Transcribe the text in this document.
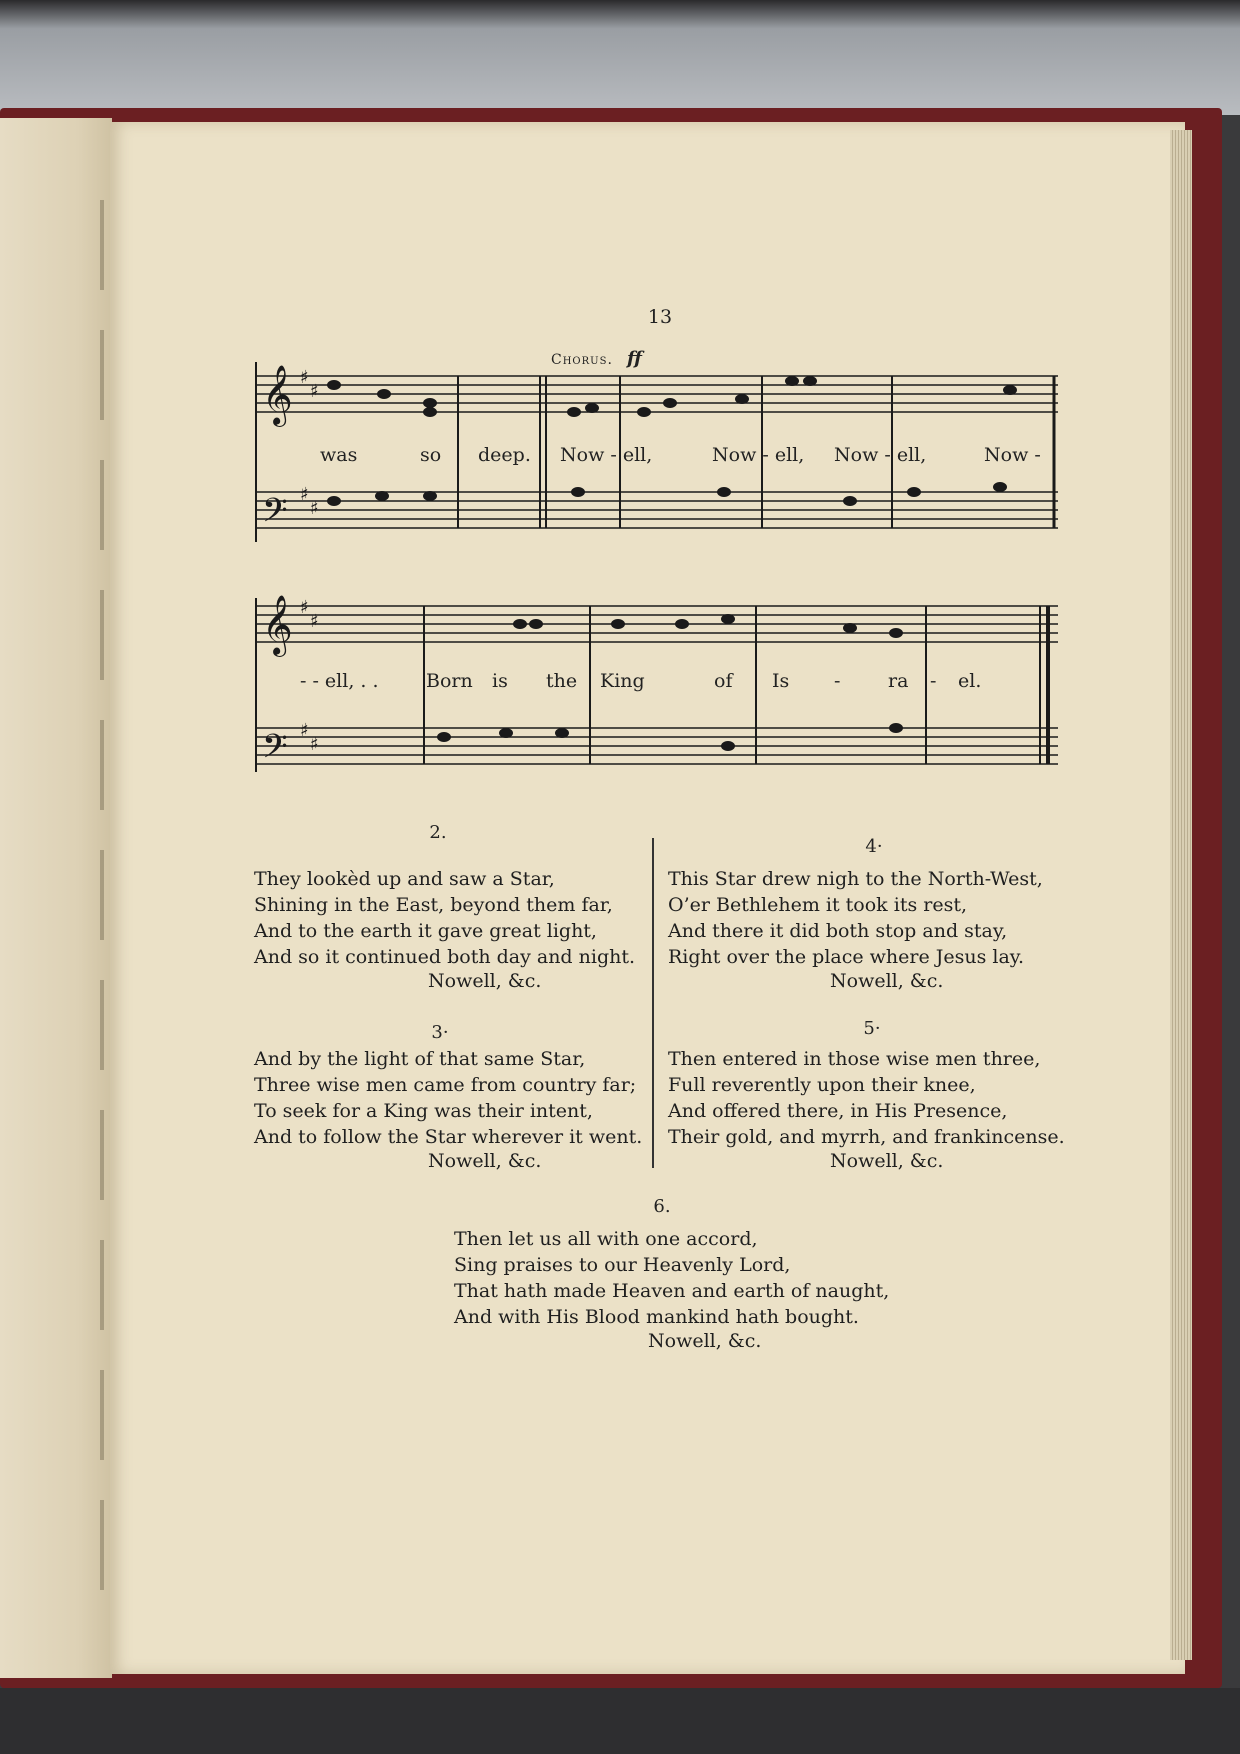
13
Chorus. ff
𝄞
𝄢
𝄞
𝄢
♯
♯
♯
♯
♯
♯
♯
♯
was	so deep. Now - ell,	Now - ell, Now - ell,	Now -
- - ell, . . Born is the King	of Is -	ra - el.
2.
They lookèd up and saw a Star,
Shining in the East, beyond them far,
And to the earth it gave great light,
And so it continued both day and night.
Nowell, &c.
3·
And by the light of that same Star,
Three wise men came from country far;
To seek for a King was their intent,
And to follow the Star wherever it went.
Nowell, &c.
4·
This Star drew nigh to the North-West,
O’er Bethlehem it took its rest,
And there it did both stop and stay,
Right over the place where Jesus lay.
Nowell, &c.
5·
Then entered in those wise men three,
Full reverently upon their knee,
And offered there, in His Presence,
Their gold, and myrrh, and frankincense.
Nowell, &c.
6.
Then let us all with one accord,
Sing praises to our Heavenly Lord,
That hath made Heaven and earth of naught,
And with His Blood mankind hath bought.
Nowell, &c.
